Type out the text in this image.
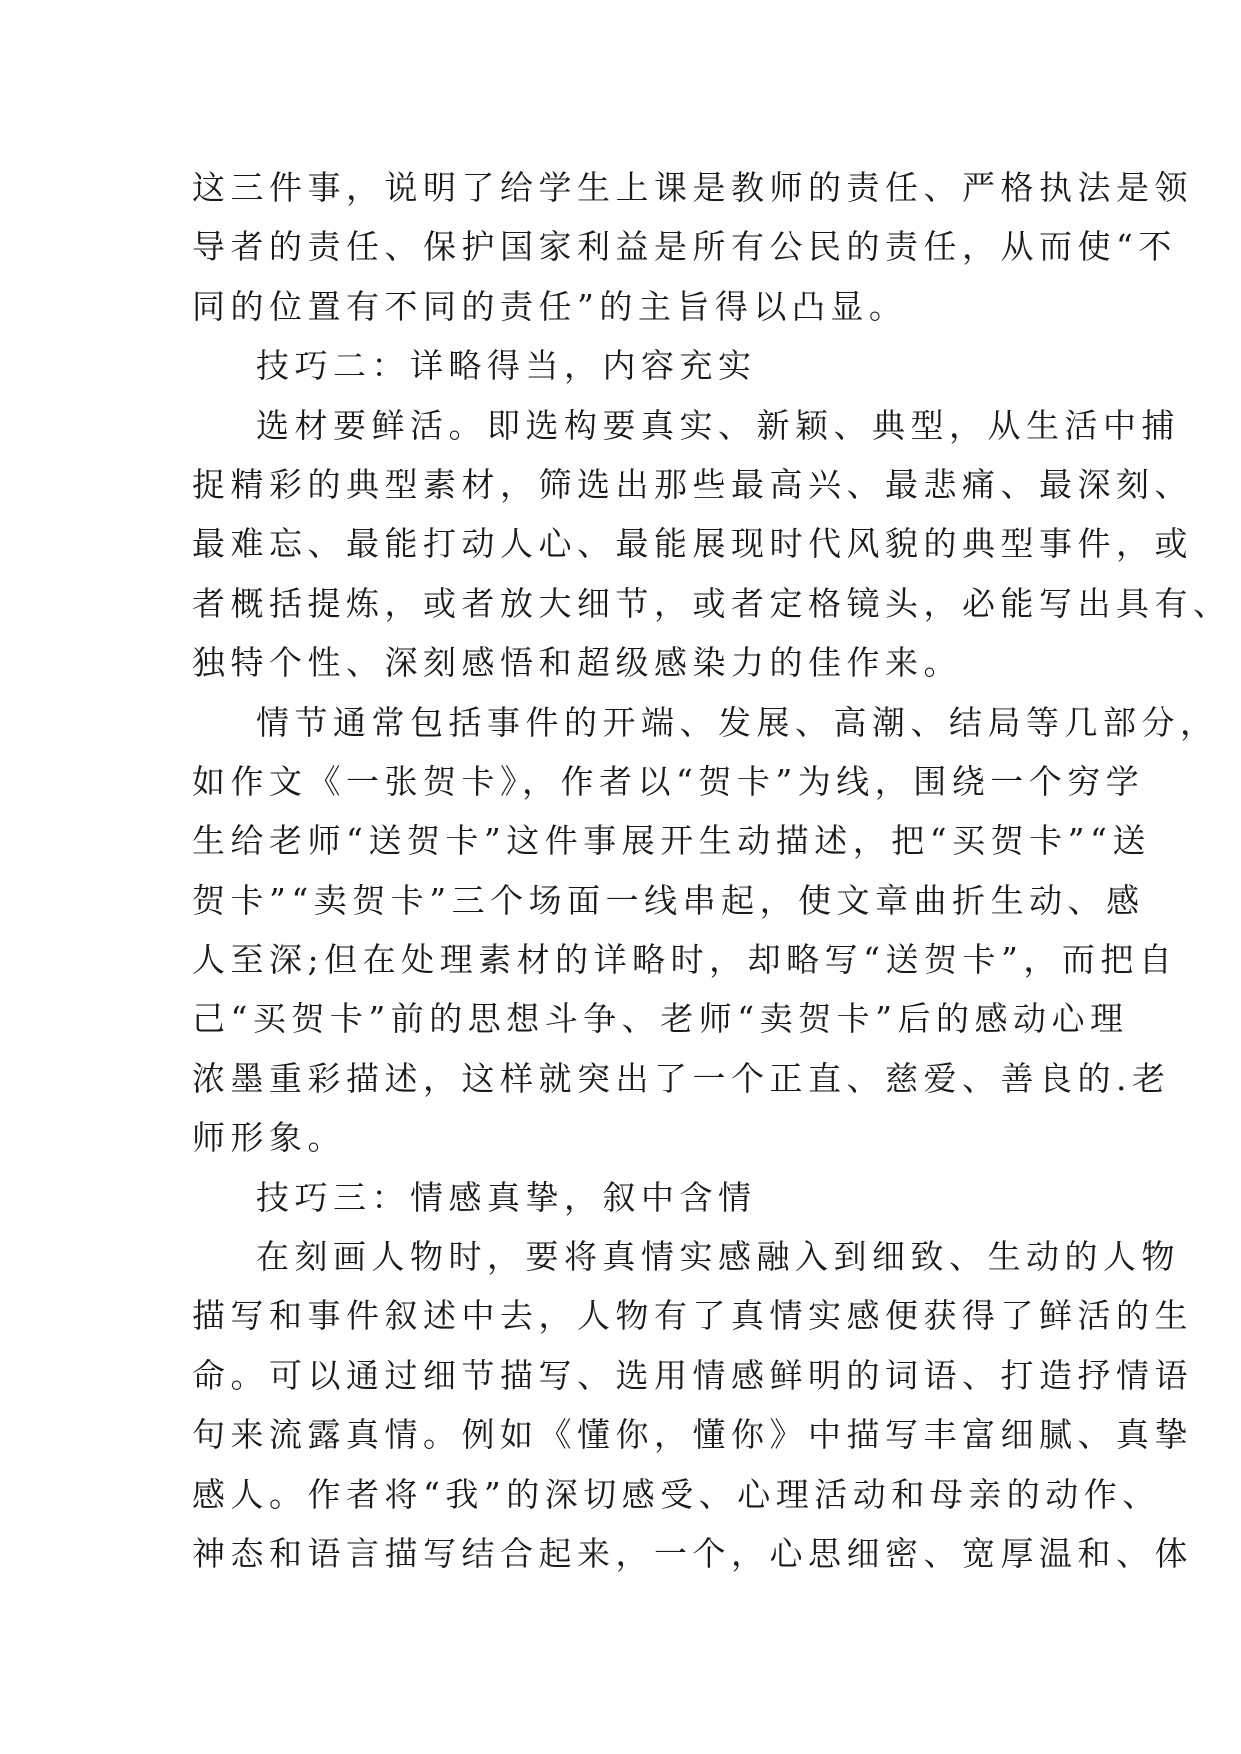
这三件事，说明了给学生上课是教师的责任、严格执法是领
导者的责任、保护国家利益是所有公民的责任，从而使“不
同的位置有不同的责任”的主旨得以凸显。
技巧二：详略得当，内容充实
选材要鲜活。即选构要真实、新颖、典型，从生活中捕
捉精彩的典型素材，筛选出那些最高兴、最悲痛、最深刻、
最难忘、最能打动人心、最能展现时代风貌的典型事件，或
者概括提炼，或者放大细节，或者定格镜头，必能写出具有、
独特个性、深刻感悟和超级感染力的佳作来。
情节通常包括事件的开端、发展、高潮、结局等几部分，
如作文《一张贺卡》，作者以“贺卡”为线，围绕一个穷学
生给老师“送贺卡”这件事展开生动描述，把“买贺卡”“送
贺卡”“卖贺卡”三个场面一线串起，使文章曲折生动、感
人至深;但在处理素材的详略时，却略写“送贺卡”，而把自
己“买贺卡”前的思想斗争、老师“卖贺卡”后的感动心理
浓墨重彩描述，这样就突出了一个正直、慈爱、善良的.老
师形象。
技巧三：情感真挚，叙中含情
在刻画人物时，要将真情实感融入到细致、生动的人物
描写和事件叙述中去，人物有了真情实感便获得了鲜活的生
命。可以通过细节描写、选用情感鲜明的词语、打造抒情语
句来流露真情。例如《懂你，懂你》中描写丰富细腻、真挚
感人。作者将“我”的深切感受、心理活动和母亲的动作、
神态和语言描写结合起来，一个，心思细密、宽厚温和、体
